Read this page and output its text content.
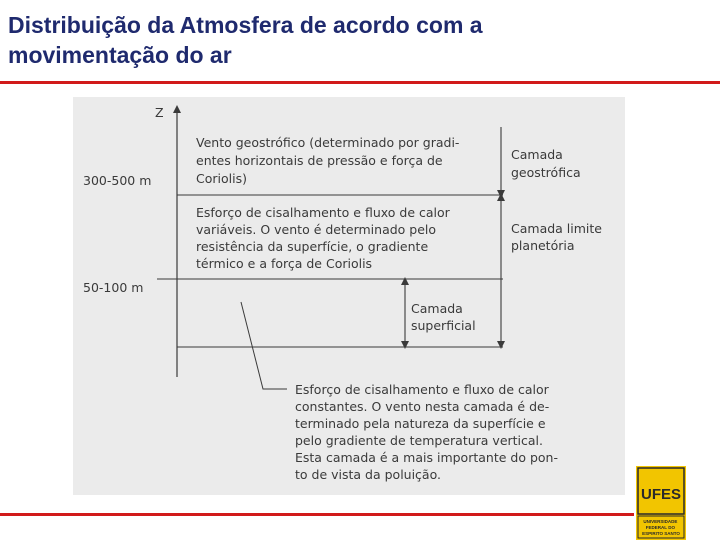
Distribuição da Atmosfera de acordo com a movimentação do ar
Z
300-500 m
50-100 m
Vento geostrófico (determinado por gradi- entes horizontais de pressão e força de Coriolis)
Esforço de cisalhamento e fluxo de calor variáveis. O vento é determinado pelo resistência da superfície, o gradiente térmico e a força de Coriolis
Camada geostrófica
Camada limite planetória
Camada superficial
Esforço de cisalhamento e fluxo de calor constantes. O vento nesta camada é de- terminado pela natureza da superfície e pelo gradiente de temperatura vertical. Esta camada é a mais importante do pon- to de vista da poluição.
UFES
UNIVERSIDADE FEDERAL DO ESPIRITO SANTO
